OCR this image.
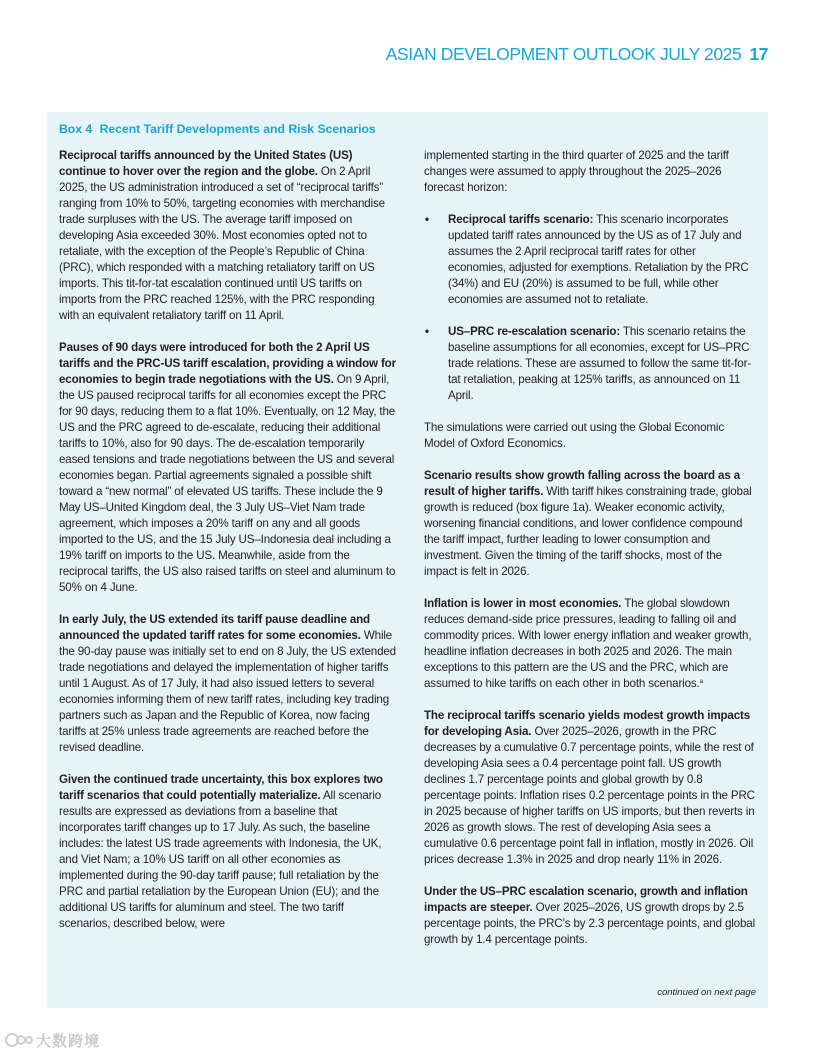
ASIAN DEVELOPMENT OUTLOOK JULY 2025 17
Box 4 Recent Tariff Developments and Risk Scenarios

Reciprocal tariffs announced by the United States (US) continue to hover over the region and the globe. On 2 April 2025, the US administration introduced a set of “reciprocal tariffs” ranging from 10% to 50%, targeting economies with merchandise trade surpluses with the US. The average tariff imposed on developing Asia exceeded 30%. Most economies opted not to retaliate, with the exception of the People’s Republic of China (PRC), which responded with a matching retaliatory tariff on US imports. This tit-for-tat escalation continued until US tariffs on imports from the PRC reached 125%, with the PRC responding with an equivalent retaliatory tariff on 11 April.

Pauses of 90 days were introduced for both the 2 April US tariffs and the PRC-US tariff escalation, providing a window for economies to begin trade negotiations with the US. On 9 April, the US paused reciprocal tariffs for all economies except the PRC for 90 days, reducing them to a flat 10%. Eventually, on 12 May, the US and the PRC agreed to de-escalate, reducing their additional tariffs to 10%, also for 90 days. The de-escalation temporarily eased tensions and trade negotiations between the US and several economies began. Partial agreements signaled a possible shift toward a “new normal” of elevated US tariffs. These include the 9 May US–United Kingdom deal, the 3 July US–Viet Nam trade agreement, which imposes a 20% tariff on any and all goods imported to the US, and the 15 July US–Indonesia deal including a 19% tariff on imports to the US. Meanwhile, aside from the reciprocal tariffs, the US also raised tariffs on steel and aluminum to 50% on 4 June.

In early July, the US extended its tariff pause deadline and announced the updated tariff rates for some economies. While the 90-day pause was initially set to end on 8 July, the US extended trade negotiations and delayed the implementation of higher tariffs until 1 August. As of 17 July, it had also issued letters to several economies informing them of new tariff rates, including key trading partners such as Japan and the Republic of Korea, now facing tariffs at 25% unless trade agreements are reached before the revised deadline.

Given the continued trade uncertainty, this box explores two tariff scenarios that could potentially materialize. All scenario results are expressed as deviations from a baseline that incorporates tariff changes up to 17 July. As such, the baseline includes: the latest US trade agreements with Indonesia, the UK, and Viet Nam; a 10% US tariff on all other economies as implemented during the 90-day tariff pause; full retaliation by the PRC and partial retaliation by the European Union (EU); and the additional US tariffs for aluminum and steel. The two tariff scenarios, described below, were

implemented starting in the third quarter of 2025 and the tariff changes were assumed to apply throughout the 2025–2026 forecast horizon:

• Reciprocal tariffs scenario: This scenario incorporates updated tariff rates announced by the US as of 17 July and assumes the 2 April reciprocal tariff rates for other economies, adjusted for exemptions. Retaliation by the PRC (34%) and EU (20%) is assumed to be full, while other economies are assumed not to retaliate.
• US–PRC re-escalation scenario: This scenario retains the baseline assumptions for all economies, except for US–PRC trade relations. These are assumed to follow the same tit-for-tat retaliation, peaking at 125% tariffs, as announced on 11 April.

The simulations were carried out using the Global Economic Model of Oxford Economics.

Scenario results show growth falling across the board as a result of higher tariffs. With tariff hikes constraining trade, global growth is reduced (box figure 1a). Weaker economic activity, worsening financial conditions, and lower confidence compound the tariff impact, further leading to lower consumption and investment. Given the timing of the tariff shocks, most of the impact is felt in 2026.

Inflation is lower in most economies. The global slowdown reduces demand-side price pressures, leading to falling oil and commodity prices. With lower energy inflation and weaker growth, headline inflation decreases in both 2025 and 2026. The main exceptions to this pattern are the US and the PRC, which are assumed to hike tariffs on each other in both scenarios.$^a$

The reciprocal tariffs scenario yields modest growth impacts for developing Asia. Over 2025–2026, growth in the PRC decreases by a cumulative 0.7 percentage points, while the rest of developing Asia sees a 0.4 percentage point fall. US growth declines 1.7 percentage points and global growth by 0.8 percentage points. Inflation rises 0.2 percentage points in the PRC in 2025 because of higher tariffs on US imports, but then reverts in 2026 as growth slows. The rest of developing Asia sees a cumulative 0.6 percentage point fall in inflation, mostly in 2026. Oil prices decrease 1.3% in 2025 and drop nearly 11% in 2026.

Under the US–PRC escalation scenario, growth and inflation impacts are steeper. Over 2025–2026, US growth drops by 2.5 percentage points, the PRC’s by 2.3 percentage points, and global growth by 1.4 percentage points.

continued on next page
大数跨境
